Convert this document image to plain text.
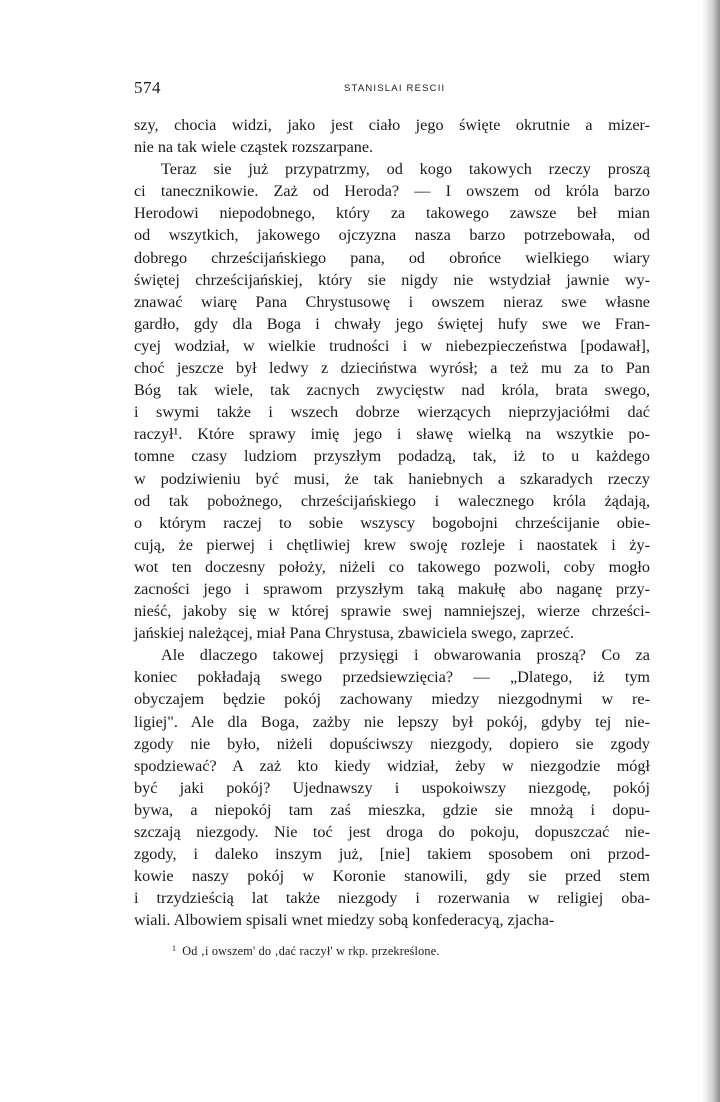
574	STANISLAI RESCII
szy, chocia widzi, jako jest ciało jego święte okrutnie a mizer-
nie na tak wiele cząstek rozszarpane.
Teraz sie już przypatrzmy, od kogo takowych rzeczy proszą
ci tanecznikowie. Zaż od Heroda? — I owszem od króla barzo
Herodowi niepodobnego, który za takowego zawsze beł mian
od wszytkich, jakowego ojczyzna nasza barzo potrzebowała, od
dobrego chrześcijańskiego pana, od obrońce wielkiego wiary
świętej chrześcijańskiej, który sie nigdy nie wstydział jawnie wy-
znawać wiarę Pana Chrystusowę i owszem nieraz swe własne
gardło, gdy dla Boga i chwały jego świętej hufy swe we Fran-
cyej wodział, w wielkie trudności i w niebezpieczeństwa [podawał],
choć jeszcze był ledwy z dzieciństwa wyrósł; a też mu za to Pan
Bóg tak wiele, tak zacnych zwycięstw nad króla, brata swego,
i swymi także i wszech dobrze wierzących nieprzyjaciółmi dać
raczył¹. Które sprawy imię jego i sławę wielką na wszytkie po-
tomne czasy ludziom przyszłym podadzą, tak, iż to u każdego
w podziwieniu być musi, że tak haniebnych a szkaradych rzeczy
od tak pobożnego, chrześcijańskiego i walecznego króla żądają,
o którym raczej to sobie wszyscy bogobojni chrześcijanie obie-
cują, że pierwej i chętliwiej krew swoję rozleje i naostatek i ży-
wot ten doczesny położy, niżeli co takowego pozwoli, coby mogło
zacności jego i sprawom przyszłym taką makułę abo naganę przy-
nieść, jakoby się w której sprawie swej namniejszej, wierze chrześci-
jańskiej należącej, miał Pana Chrystusa, zbawiciela swego, zaprzeć.
Ale dlaczego takowej przysięgi i obwarowania proszą? Co za
koniec pokładają swego przedsiewzięcia? — „Dlatego, iż tym
obyczajem będzie pokój zachowany miedzy niezgodnymi w re-
ligiej". Ale dla Boga, zażby nie lepszy był pokój, gdyby tej nie-
zgody nie było, niżeli dopuściwszy niezgody, dopiero sie zgody
spodziewać? A zaż kto kiedy widział, żeby w niezgodzie mógł
być jaki pokój? Ujednawszy i uspokoiwszy niezgodę, pokój
bywa, a niepokój tam zaś mieszka, gdzie sie mnożą i dopu-
szczają niezgody. Nie toć jest droga do pokoju, dopuszczać nie-
zgody, i daleko inszym już, [nie] takiem sposobem oni przod-
kowie naszy pokój w Koronie stanowili, gdy sie przed stem
i trzydzieścią lat także niezgody i rozerwania w religiej oba-
wiali. Albowiem spisali wnet miedzy sobą konfederacyą, zjacha-
$^1$ Od ‚i owszem' do ‚dać raczył' w rkp. przekreślone.
